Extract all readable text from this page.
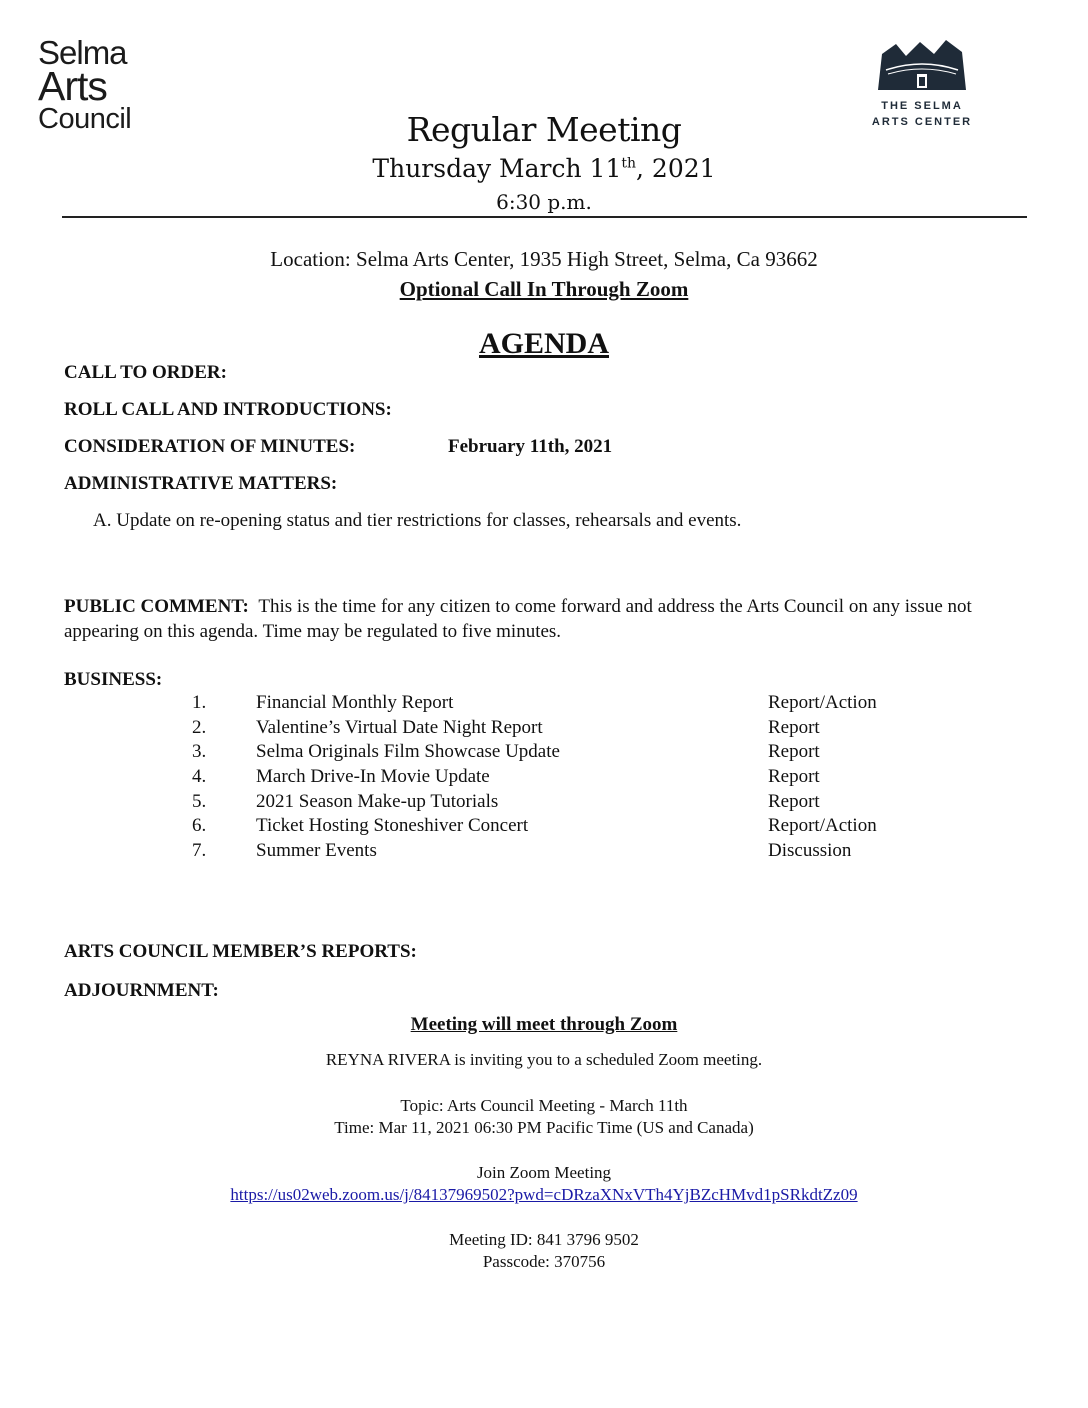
Selma
Arts
Council	THE SELMA
ARTS CENTER
Regular Meeting
Thursday March 11th, 2021
6:30 p.m.
Location: Selma Arts Center, 1935 High Street, Selma, Ca 93662
Optional Call In Through Zoom
AGENDA
CALL TO ORDER:
ROLL CALL AND INTRODUCTIONS:
CONSIDERATION OF MINUTES:	February 11th, 2021
ADMINISTRATIVE MATTERS:
A. Update on re-opening status and tier restrictions for classes, rehearsals and events.
PUBLIC COMMENT: This is the time for any citizen to come forward and address the Arts Council on any issue not appearing on this agenda. Time may be regulated to five minutes.
BUSINESS:
1.	Financial Monthly Report	Report/Action
2.	Valentine’s Virtual Date Night Report	Report
3.	Selma Originals Film Showcase Update	Report
4.	March Drive-In Movie Update	Report
5.	2021 Season Make-up Tutorials	Report
6.	Ticket Hosting Stoneshiver Concert	Report/Action
7.	Summer Events	Discussion
ARTS COUNCIL MEMBER’S REPORTS:
ADJOURNMENT:
Meeting will meet through Zoom
REYNA RIVERA is inviting you to a scheduled Zoom meeting.
Topic: Arts Council Meeting - March 11th
Time: Mar 11, 2021 06:30 PM Pacific Time (US and Canada)
Join Zoom Meeting
https://us02web.zoom.us/j/84137969502?pwd=cDRzaXNxVTh4YjBZcHMvd1pSRkdtZz09
Meeting ID: 841 3796 9502
Passcode: 370756
